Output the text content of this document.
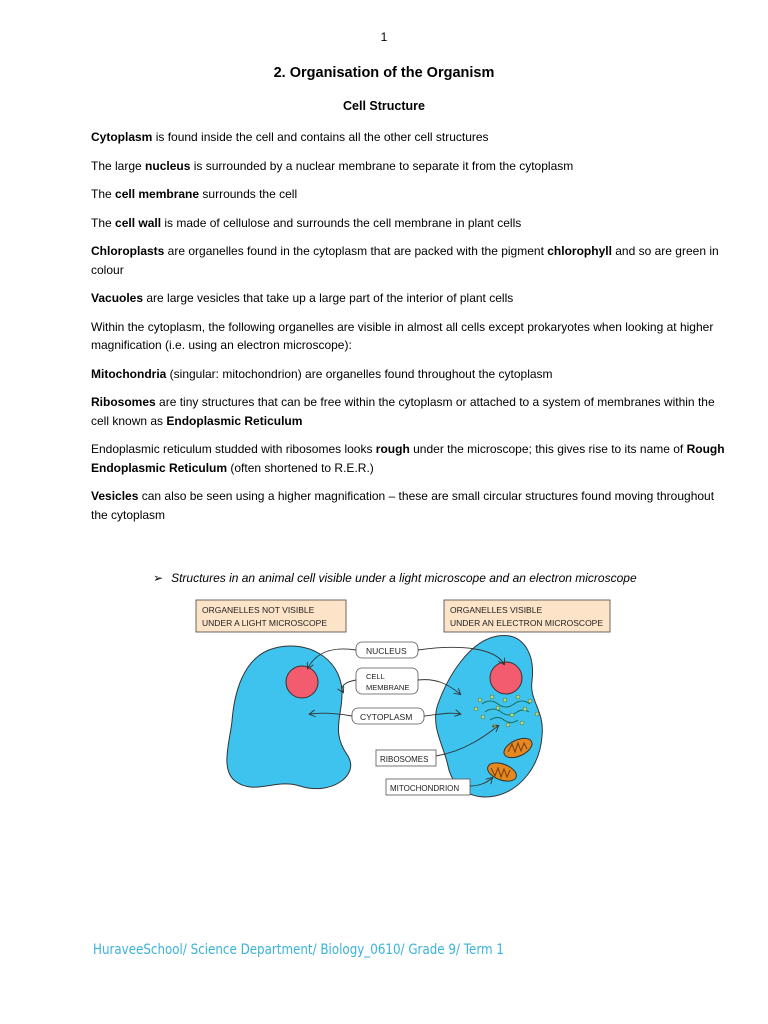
1
2. Organisation of the Organism
Cell Structure

Cytoplasm is found inside the cell and contains all the other cell structures

The large nucleus is surrounded by a nuclear membrane to separate it from the cytoplasm

The cell membrane surrounds the cell

The cell wall is made of cellulose and surrounds the cell membrane in plant cells

Chloroplasts are organelles found in the cytoplasm that are packed with the pigment chlorophyll and so are green in colour

Vacuoles are large vesicles that take up a large part of the interior of plant cells

Within the cytoplasm, the following organelles are visible in almost all cells except prokaryotes when looking at higher magnification (i.e. using an electron microscope):

Mitochondria (singular: mitochondrion) are organelles found throughout the cytoplasm

Ribosomes are tiny structures that can be free within the cytoplasm or attached to a system of membranes within the cell known as Endoplasmic Reticulum

Endoplasmic reticulum studded with ribosomes looks rough under the microscope; this gives rise to its name of Rough Endoplasmic Reticulum (often shortened to R.E.R.)

Vesicles can also be seen using a higher magnification – these are small circular structures found moving throughout the cytoplasm

➢ Structures in an animal cell visible under a light microscope and an electron microscope
ORGANELLES NOT VISIBLE
UNDER A LIGHT MICROSCOPE
ORGANELLES VISIBLE
UNDER AN ELECTRON MICROSCOPE
NUCLEUS
CELL
MEMBRANE
CYTOPLASM
RIBOSOMES
MITOCHONDRION
HuraveeSchool/ Science Department/ Biology_0610/ Grade 9/ Term 1
